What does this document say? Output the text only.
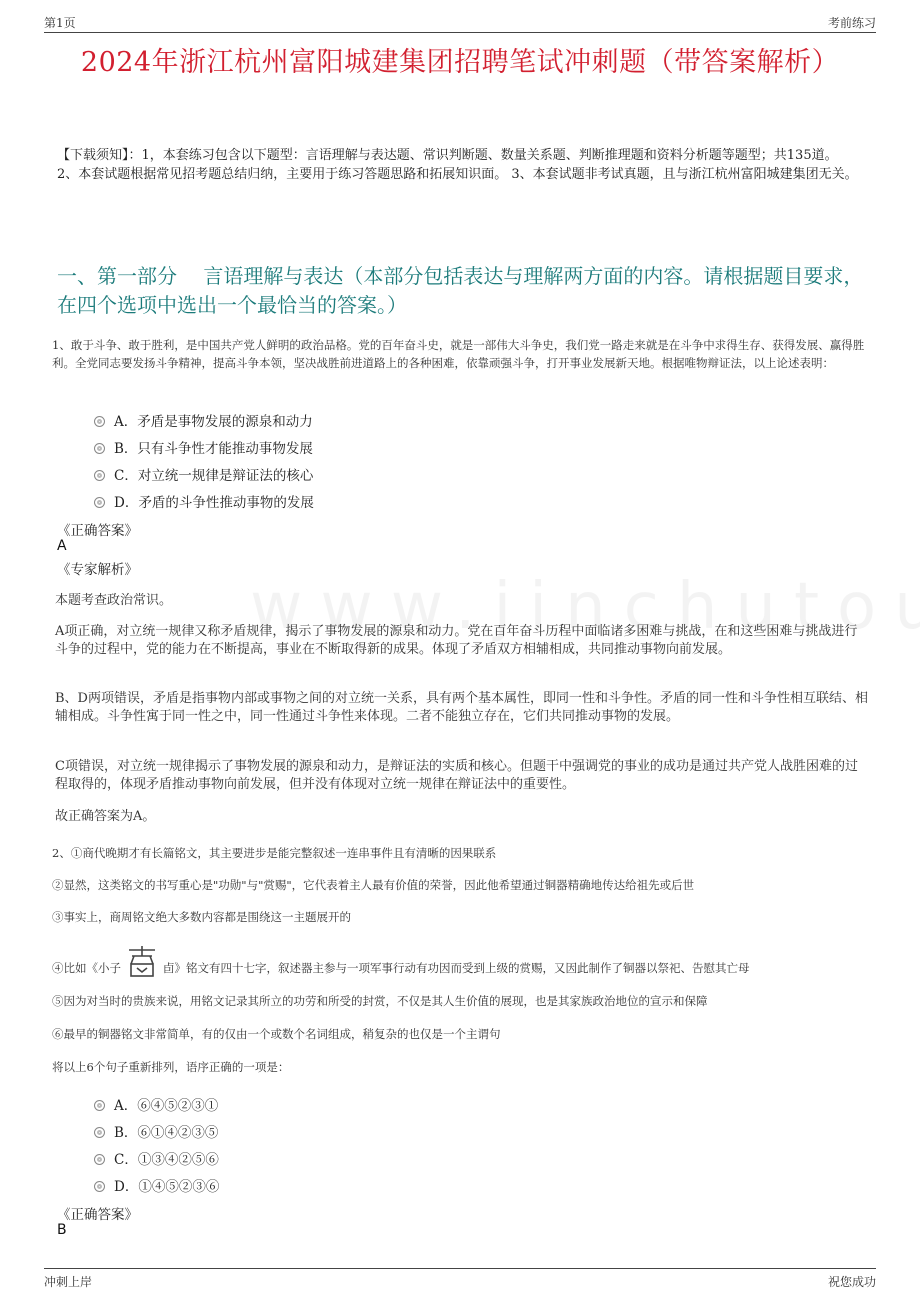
第1页	考前练习
2024年浙江杭州富阳城建集团招聘笔试冲刺题（带答案解析）
【下载须知】：1，本套练习包含以下题型：言语理解与表达题、常识判断题、数量关系题、判断推理题和资料分析题等题型；共135道。 2、本套试题根据常见招考题总结归纳，主要用于练习答题思路和拓展知识面。 3、本套试题非考试真题，且与浙江杭州富阳城建集团无关。
一、第一部分　 言语理解与表达（本部分包括表达与理解两方面的内容。请根据题目要求，在四个选项中选出一个最恰当的答案。）
1、敢于斗争、敢于胜利，是中国共产党人鲜明的政治品格。党的百年奋斗史，就是一部伟大斗争史，我们党一路走来就是在斗争中求得生存、获得发展、赢得胜利。全党同志要发扬斗争精神，提高斗争本领，坚决战胜前进道路上的各种困难，依靠顽强斗争，打开事业发展新天地。根据唯物辩证法，以上论述表明：
A．矛盾是事物发展的源泉和动力
B．只有斗争性才能推动事物发展
C．对立统一规律是辩证法的核心
D．矛盾的斗争性推动事物的发展
《正确答案》
A
《专家解析》
本题考查政治常识。
A项正确，对立统一规律又称矛盾规律，揭示了事物发展的源泉和动力。党在百年奋斗历程中面临诸多困难与挑战，在和这些困难与挑战进行斗争的过程中，党的能力在不断提高，事业在不断取得新的成果。体现了矛盾双方相辅相成，共同推动事物向前发展。
B、D两项错误，矛盾是指事物内部或事物之间的对立统一关系，具有两个基本属性，即同一性和斗争性。矛盾的同一性和斗争性相互联结、相辅相成。斗争性寓于同一性之中，同一性通过斗争性来体现。二者不能独立存在，它们共同推动事物的发展。
C项错误，对立统一规律揭示了事物发展的源泉和动力，是辩证法的实质和核心。但题干中强调党的事业的成功是通过共产党人战胜困难的过程取得的，体现矛盾推动事物向前发展，但并没有体现对立统一规律在辩证法中的重要性。
故正确答案为A。
2、①商代晚期才有长篇铭文，其主要进步是能完整叙述一连串事件且有清晰的因果联系
②显然，这类铭文的书写重心是"功勋"与"赏赐"，它代表着主人最有价值的荣誉，因此他希望通过铜器精确地传达给祖先或后世
③事实上，商周铭文绝大多数内容都是围绕这一主题展开的
④比如《小子	卣》铭文有四十七字，叙述器主参与一项军事行动有功因而受到上级的赏赐，又因此制作了铜器以祭祀、告慰其亡母
⑤因为对当时的贵族来说，用铭文记录其所立的功劳和所受的封赏，不仅是其人生价值的展现，也是其家族政治地位的宣示和保障
⑥最早的铜器铭文非常简单，有的仅由一个或数个名词组成，稍复杂的也仅是一个主谓句
将以上6个句子重新排列，语序正确的一项是：
A．⑥④⑤②③①
B．⑥①④②③⑤
C．①③④②⑤⑥
D．①④⑤②③⑥
《正确答案》
B
冲刺上岸	祝您成功
